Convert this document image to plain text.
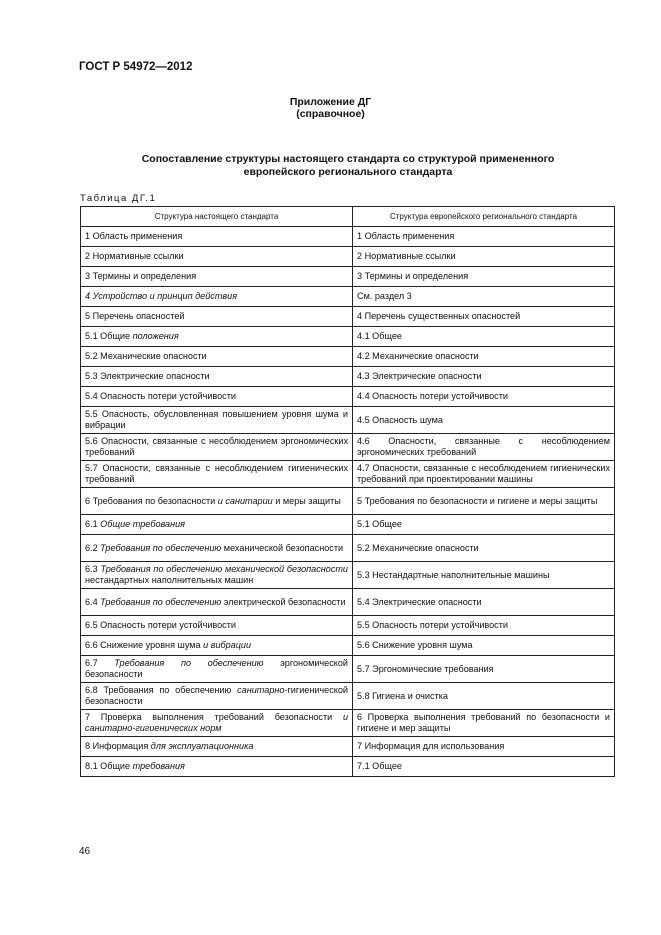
ГОСТ Р 54972—2012
Приложение ДГ
(справочное)
Сопоставление структуры настоящего стандарта со структурой примененного
европейского регионального стандарта
Таблица ДГ.1
Структура настоящего стандарта	Структура европейского регионального стандарта
1 Область применения	1 Область применения
2 Нормативные ссылки	2 Нормативные ссылки
3 Термины и определения	3 Термины и определения
4 Устройство и принцип действия	См. раздел 3
5 Перечень опасностей	4 Перечень существенных опасностей
5.1 Общие положения	4.1 Общее
5.2 Механические опасности	4.2 Механические опасности
5.3 Электрические опасности	4.3 Электрические опасности
5.4 Опасность потери устойчивости	4.4 Опасность потери устойчивости
5.5 Опасность, обусловленная повышением уровня шума и вибрации	4.5 Опасность шума
5.6 Опасности, связанные с несоблюдением эргономических требований	4.6 Опасности, связанные с несоблюдением эргономических требований
5.7 Опасности, связанные с несоблюдением гигиенических требований	4.7 Опасности, связанные с несоблюдением гигиенических требований при проектировании машины
6 Требования по безопасности и санитарии и меры защиты	5 Требования по безопасности и гигиене и меры защиты
6.1 Общие требования	5.1 Общее
6.2 Требования по обеспечению механической безопасности	5.2 Механические опасности
6.3 Требования по обеспечению механической безопасности нестандартных наполнительных машин	5.3 Нестандартные наполнительные машины
6.4 Требования по обеспечению электрической безопасности	5.4 Электрические опасности
6.5 Опасность потери устойчивости	5.5 Опасность потери устойчивости
6.6 Снижение уровня шума и вибрации	5.6 Снижение уровня шума
6.7 Требования по обеспечению эргономической безопасности	5.7 Эргономические требования
6.8 Требования по обеспечению санитарно-гигиенической безопасности	5.8 Гигиена и очистка
7 Проверка выполнения требований безопасности и санитарно-гигиенических норм	6 Проверка выполнения требований по безопасности и гигиене и мер защиты
8 Информация для эксплуатационника	7 Информация для использования
8.1 Общие требования	7.1 Общее
46
